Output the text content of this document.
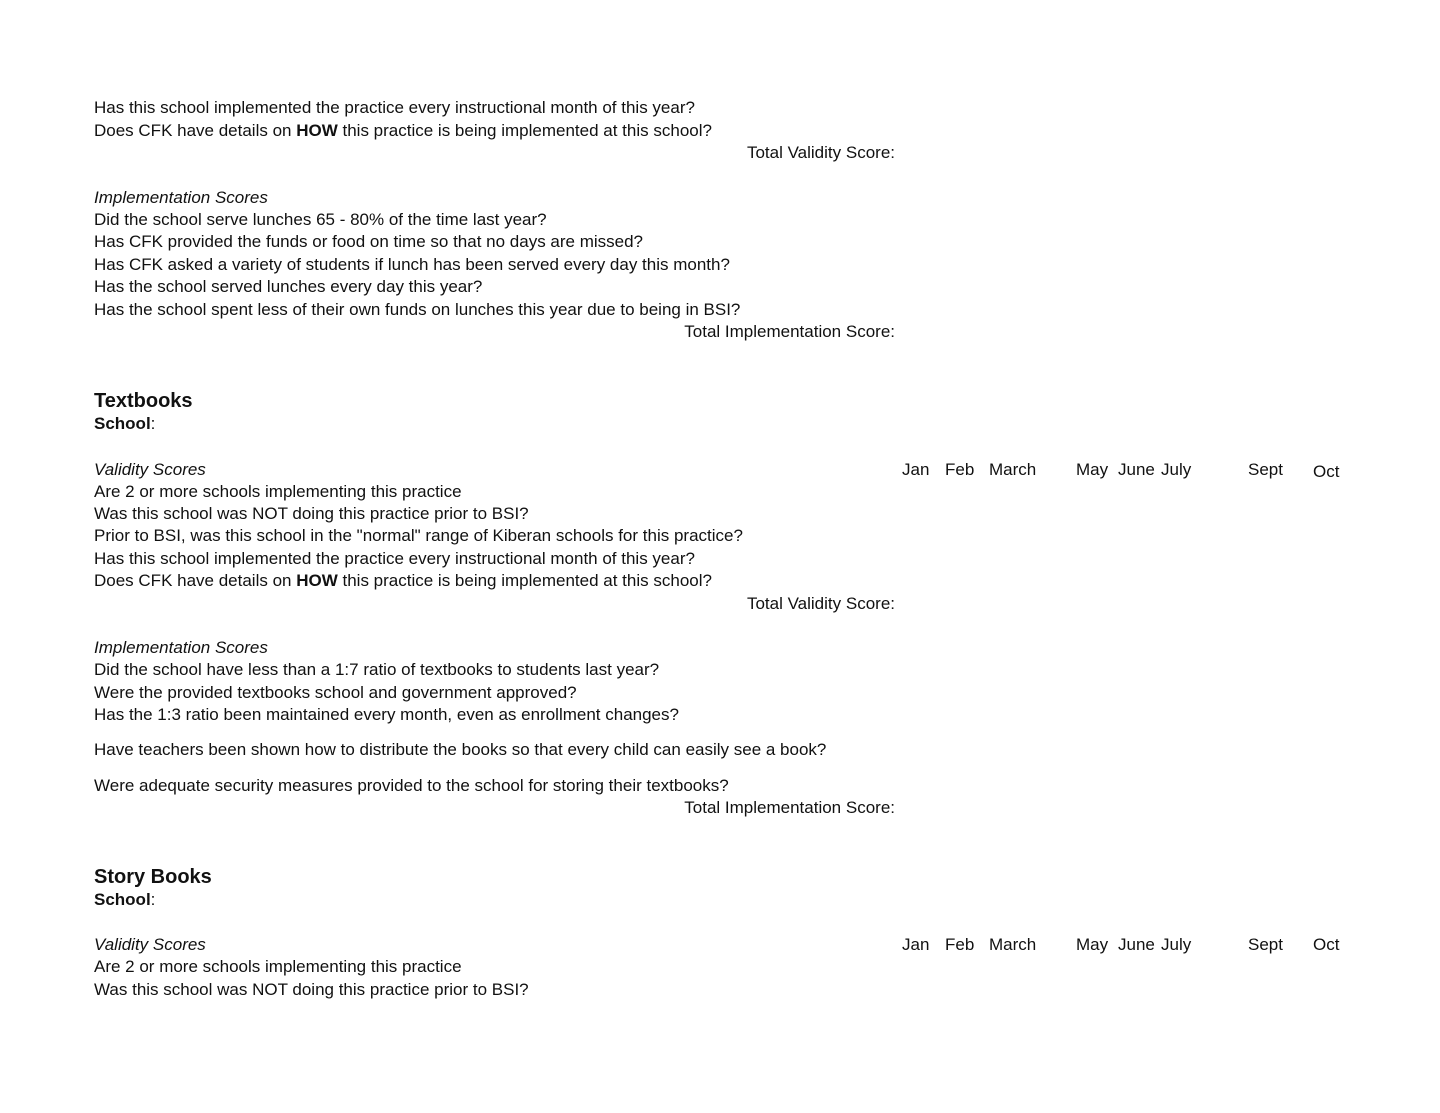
Has this school implemented the practice every instructional month of this year?
Does CFK have details on HOW this practice is being implemented at this school?
Total Validity Score:
Implementation Scores
Did the school serve lunches 65 - 80% of the time last year?
Has CFK provided the funds or food on time so that no days are missed?
Has CFK asked a variety of students if lunch has been served every day this month?
Has the school served lunches every day this year?
Has the school spent less of their own funds on lunches this year due to being in BSI?
Total Implementation Score:
Textbooks
School:
Validity Scores	Jan Feb March May June July	Sept Oct
Are 2 or more schools implementing this practice
Was this school was NOT doing this practice prior to BSI?
Prior to BSI, was this school in the "normal" range of Kiberan schools for this practice?
Has this school implemented the practice every instructional month of this year?
Does CFK have details on HOW this practice is being implemented at this school?
Total Validity Score:
Implementation Scores
Did the school have less than a 1:7 ratio of textbooks to students last year?
Were the provided textbooks school and government approved?
Has the 1:3 ratio been maintained every month, even as enrollment changes?
Have teachers been shown how to distribute the books so that every child can easily see a book?
Were adequate security measures provided to the school for storing their textbooks?
Total Implementation Score:
Story Books
School:
Validity Scores	Jan Feb March May June July	Sept Oct
Are 2 or more schools implementing this practice
Was this school was NOT doing this practice prior to BSI?
